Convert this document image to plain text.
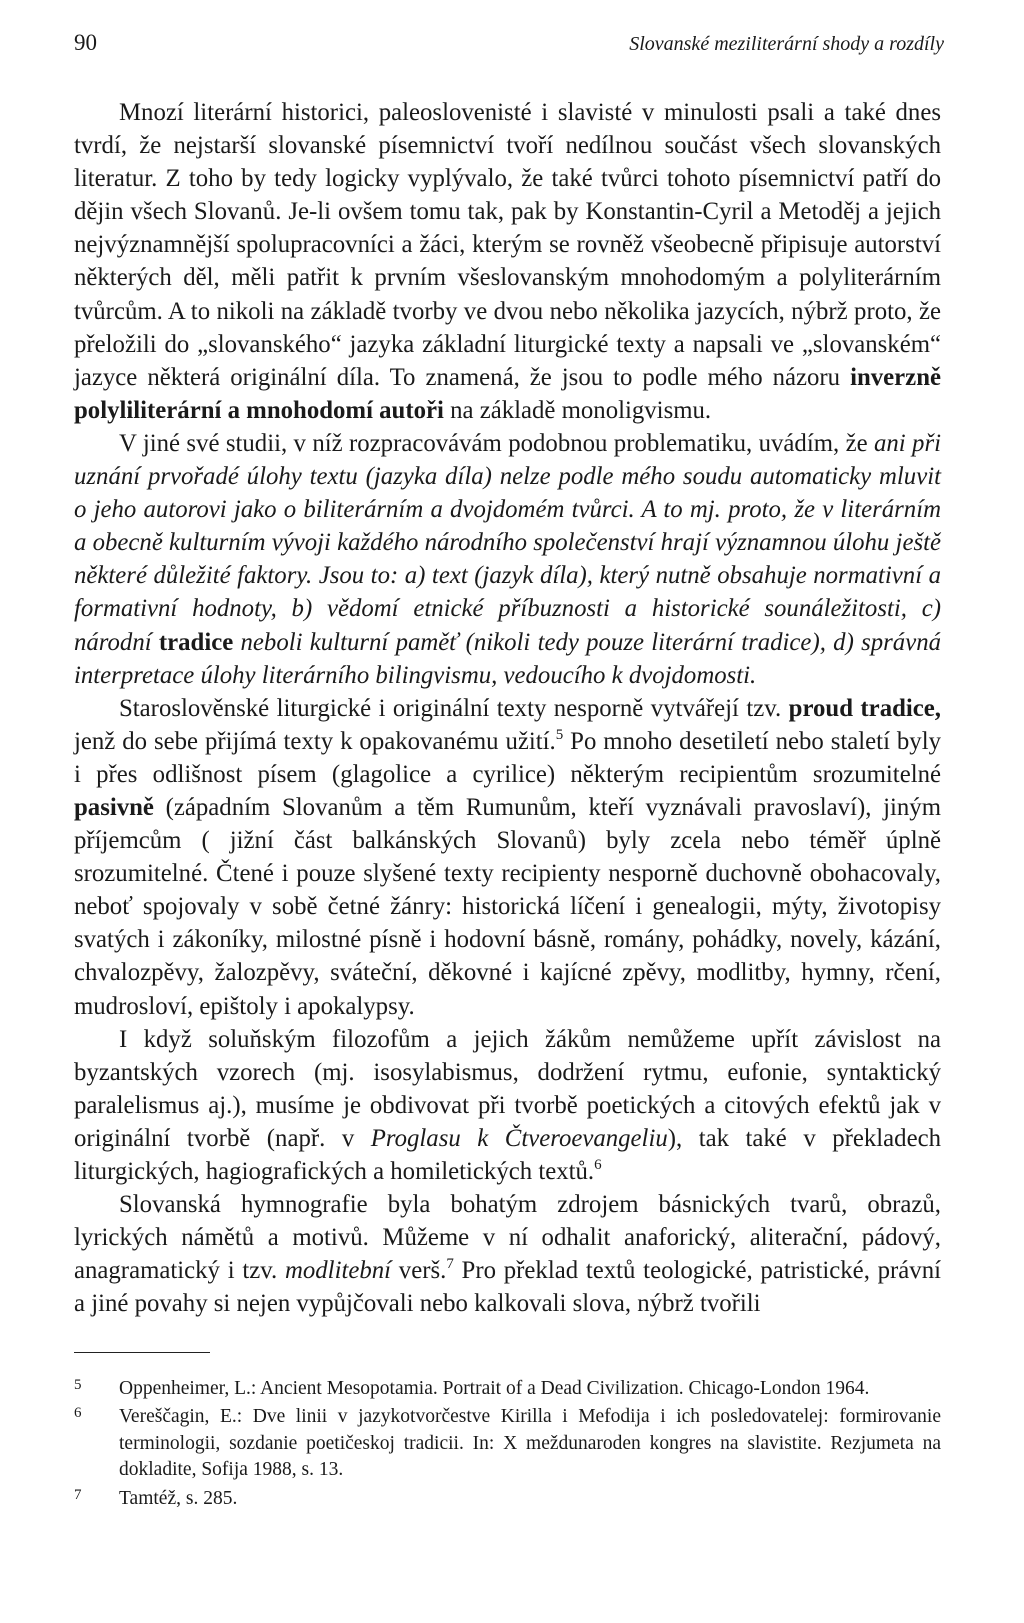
90	Slovanské meziliterární shody a rozdíly

Mnozí literární historici, paleoslovenisté i slavisté v minulosti psali a také dnes tvrdí, že nejstarší slovanské písemnictví tvoří nedílnou součást všech slovanských literatur. Z toho by tedy logicky vyplývalo, že také tvůrci tohoto písemnictví patří do dějin všech Slovanů. Je-li ovšem tomu tak, pak by Konstantin-Cyril a Metoděj a jejich nejvýznamnější spolupracovníci a žáci, kterým se rovněž všeobecně připisuje autorství některých děl, měli patřit k prvním všeslovanským mnohodomým a polyliterárním tvůrcům. A to nikoli na základě tvorby ve dvou nebo několika jazycích, nýbrž proto, že přeložili do „slovanského“ jazyka základní liturgické texty a napsali ve „slovanském“ jazyce některá originální díla. To znamená, že jsou to podle mého názoru inverzně polyliliterární a mnohodomí autoři na základě monoligvismu.

V jiné své studii, v níž rozpracovávám podobnou problematiku, uvádím, že ani při uznání prvořadé úlohy textu (jazyka díla) nelze podle mého soudu automaticky mluvit o jeho autorovi jako o biliterárním a dvojdomém tvůrci. A to mj. proto, že v literárním a obecně kulturním vývoji každého národního společenství hrají významnou úlohu ještě některé důležité faktory. Jsou to: a) text (jazyk díla), který nutně obsahuje normativní a formativní hodnoty, b) vědomí etnické příbuznosti a historické sounáležitosti, c) národní tradice neboli kulturní paměť (nikoli tedy pouze literární tradice), d) správná interpretace úlohy literárního bilingvismu, vedoucího k dvojdomosti.

Staroslověnské liturgické i originální texty nesporně vytvářejí tzv. proud tradice, jenž do sebe přijímá texty k opakovanému užití.$^5$ Po mnoho desetiletí nebo staletí byly i přes odlišnost písem (glagolice a cyrilice) některým recipientům srozumitelné pasivně (západním Slovanům a těm Rumunům, kteří vyznávali pravoslaví), jiným příjemcům ( jižní část balkánských Slovanů) byly zcela nebo téměř úplně srozumitelné. Čtené i pouze slyšené texty recipienty nesporně duchovně obohacovaly, neboť spojovaly v sobě četné žánry: historická líčení i genealogii, mýty, životopisy svatých i zákoníky, milostné písně i hodovní básně, romány, pohádky, novely, kázání, chvalozpěvy, žalozpěvy, sváteční, děkovné i kajícné zpěvy, modlitby, hymny, rčení, mudrosloví, epištoly i apokalypsy.

I když soluňským filozofům a jejich žákům nemůžeme upřít závislost na byzantských vzorech (mj. isosylabismus, dodržení rytmu, eufonie, syntaktický paralelismus aj.), musíme je obdivovat při tvorbě poetických a citových efektů jak v originální tvorbě (např. v Proglasu k Čtveroevangeliu), tak také v překladech liturgických, hagiografických a homiletických textů.$^6$

Slovanská hymnografie byla bohatým zdrojem básnických tvarů, obrazů, lyrických námětů a motivů. Můžeme v ní odhalit anaforický, aliterační, pádový, anagramatický i tzv. modlitební verš.$^7$ Pro překlad textů teologické, patristické, právní a jiné povahy si nejen vypůjčovali nebo kalkovali slova, nýbrž tvořili

5	Oppenheimer, L.: Ancient Mesopotamia. Portrait of a Dead Civilization. Chicago-London 1964.
6	Vereščagin, E.: Dve linii v jazykotvorčestve Kirilla i Mefodija i ich posledovatelej: formirovanie terminologii, sozdanie poetičeskoj tradicii. In: X meždunaroden kongres na slavistite. Rezjumeta na dokladite, Sofija 1988, s. 13.
7	Tamtéž, s. 285.
